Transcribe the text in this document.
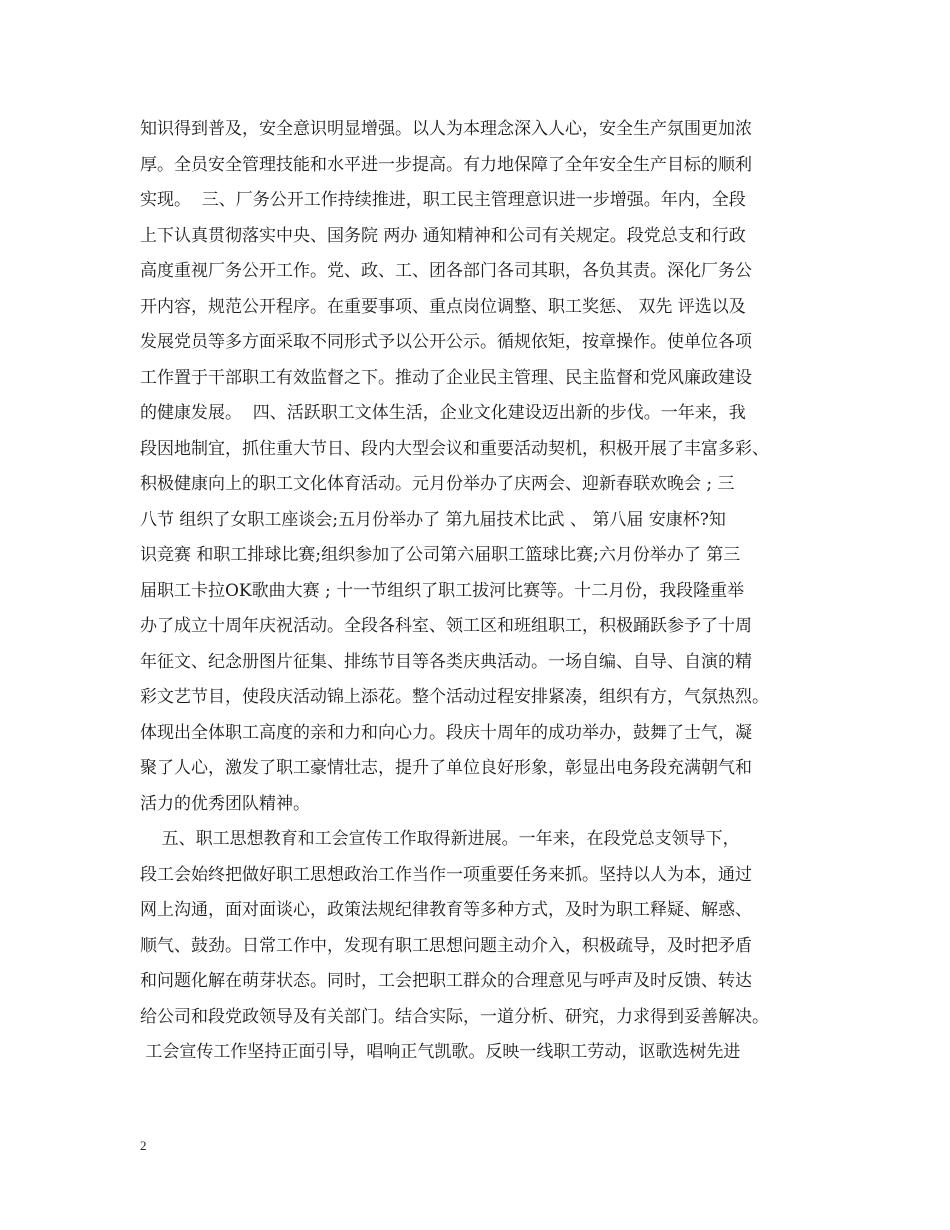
知识得到普及，安全意识明显增强。以人为本理念深入人心，安全生产氛围更加浓
厚。全员安全管理技能和水平进一步提高。有力地保障了全年安全生产目标的顺利
实现。  三、厂务公开工作持续推进，职工民主管理意识进一步增强。年内，全段
上下认真贯彻落实中央、国务院 两办 通知精神和公司有关规定。段党总支和行政
高度重视厂务公开工作。党、政、工、团各部门各司其职，各负其责。深化厂务公
开内容，规范公开程序。在重要事项、重点岗位调整、职工奖惩、 双先 评选以及
发展党员等多方面采取不同形式予以公开公示。循规依矩，按章操作。使单位各项
工作置于干部职工有效监督之下。推动了企业民主管理、民主监督和党风廉政建设
的健康发展。  四、活跃职工文体生活，企业文化建设迈出新的步伐。一年来，我
段因地制宜，抓住重大节日、段内大型会议和重要活动契机，积极开展了丰富多彩、
积极健康向上的职工文化体育活动。元月份举办了庆两会、迎新春联欢晚会 ; 三
八节 组织了女职工座谈会;五月份举办了 第九届技术比武 、 第八届 安康杯?知
识竞赛 和职工排球比赛;组织参加了公司第六届职工篮球比赛;六月份举办了 第三
届职工卡拉OK歌曲大赛 ; 十一节组织了职工拔河比赛等。十二月份，我段隆重举
办了成立十周年庆祝活动。全段各科室、领工区和班组职工，积极踊跃参予了十周
年征文、纪念册图片征集、排练节目等各类庆典活动。一场自编、自导、自演的精
彩文艺节目，使段庆活动锦上添花。整个活动过程安排紧凑，组织有方，气氛热烈。
体现出全体职工高度的亲和力和向心力。段庆十周年的成功举办，鼓舞了士气，凝
聚了人心，激发了职工豪情壮志，提升了单位良好形象，彰显出电务段充满朝气和
活力的优秀团队精神。
五、职工思想教育和工会宣传工作取得新进展。一年来，在段党总支领导下，
段工会始终把做好职工思想政治工作当作一项重要任务来抓。坚持以人为本，通过
网上沟通，面对面谈心，政策法规纪律教育等多种方式，及时为职工释疑、解惑、
顺气、鼓劲。日常工作中，发现有职工思想问题主动介入，积极疏导，及时把矛盾
和问题化解在萌芽状态。同时，工会把职工群众的合理意见与呼声及时反馈、转达
给公司和段党政领导及有关部门。结合实际，一道分析、研究，力求得到妥善解决。
工会宣传工作坚持正面引导，唱响正气凯歌。反映一线职工劳动，讴歌选树先进
2
